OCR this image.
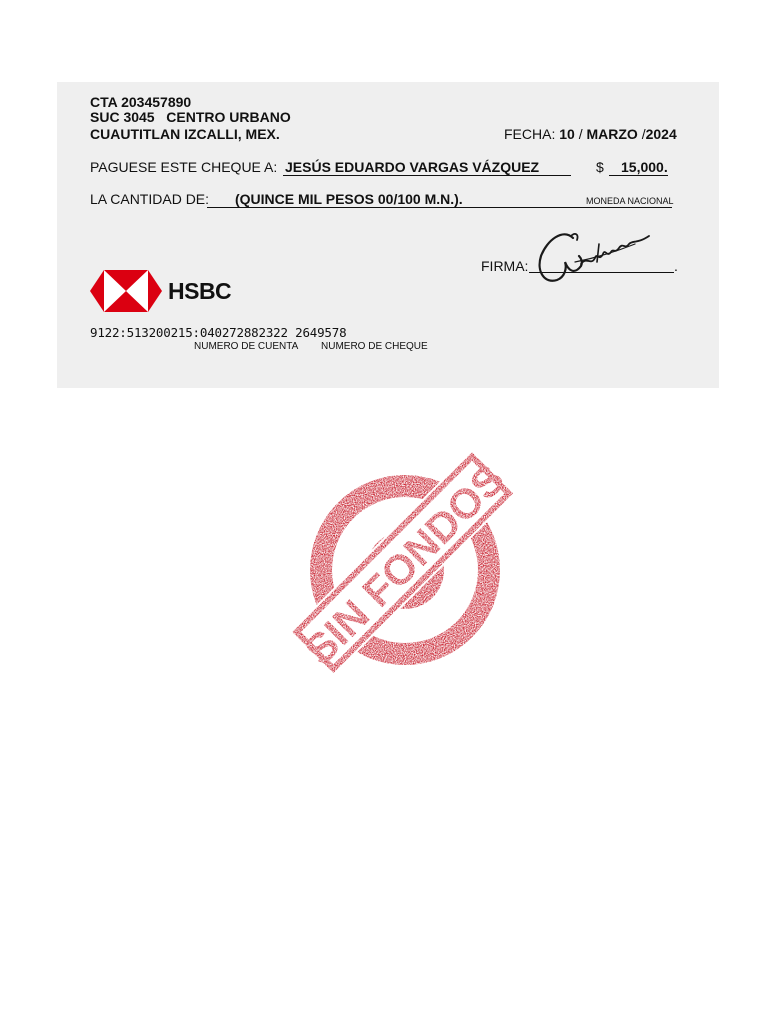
CTA 203457890
SUC 3045 CENTRO URBANO
CUAUTITLAN IZCALLI, MEX.	FECHA: 10 / MARZO /2024
PAGUESE ESTE CHEQUE A: JESÚS EDUARDO VARGAS VÁZQUEZ	$ 15,000.
LA CANTIDAD DE: (QUINCE MIL PESOS 00/100 M.N.).	MONEDA NACIONAL
FIRMA:	.
HSBC
9122:513200215:040272882322 2649578
NUMERO DE CUENTA NUMERO DE CHEQUE
SIN FONDOS
